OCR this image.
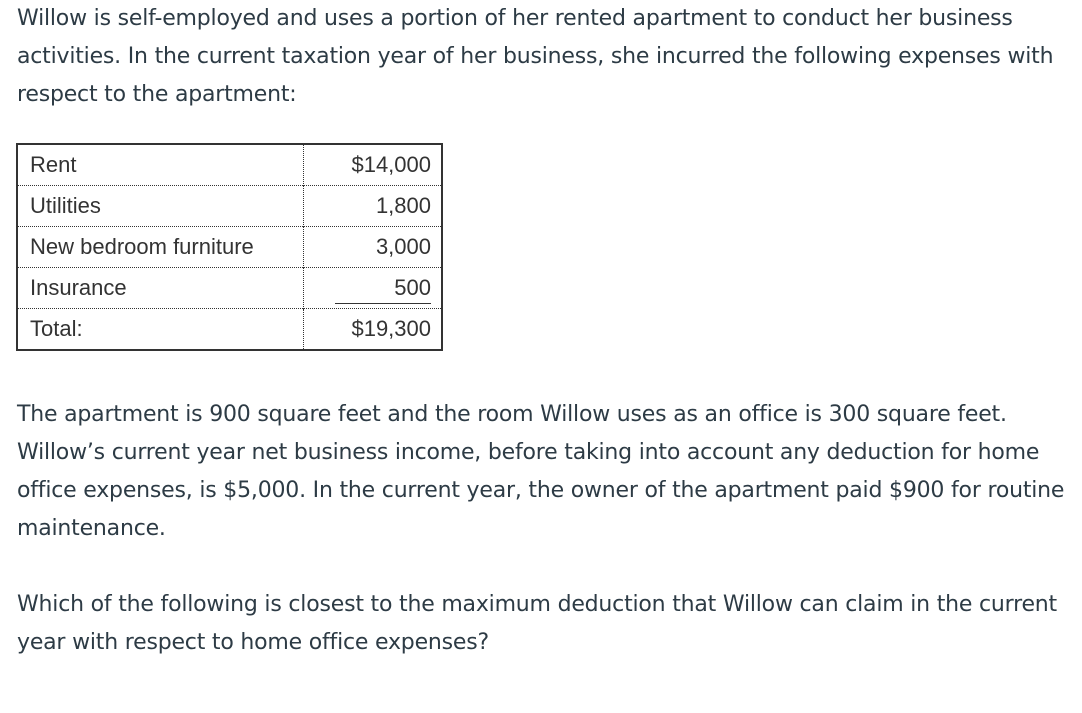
Willow is self-employed and uses a portion of her rented apartment to conduct her business activities. In the current taxation year of her business, she incurred the following expenses with respect to the apartment:

Rent	$14,000
Utilities	1,800
New bedroom furniture	3,000
Insurance	500
Total:	$19,300

The apartment is 900 square feet and the room Willow uses as an office is 300 square feet. Willow’s current year net business income, before taking into account any deduction for home office expenses, is $5,000. In the current year, the owner of the apartment paid $900 for routine maintenance.

Which of the following is closest to the maximum deduction that Willow can claim in the current year with respect to home office expenses?
